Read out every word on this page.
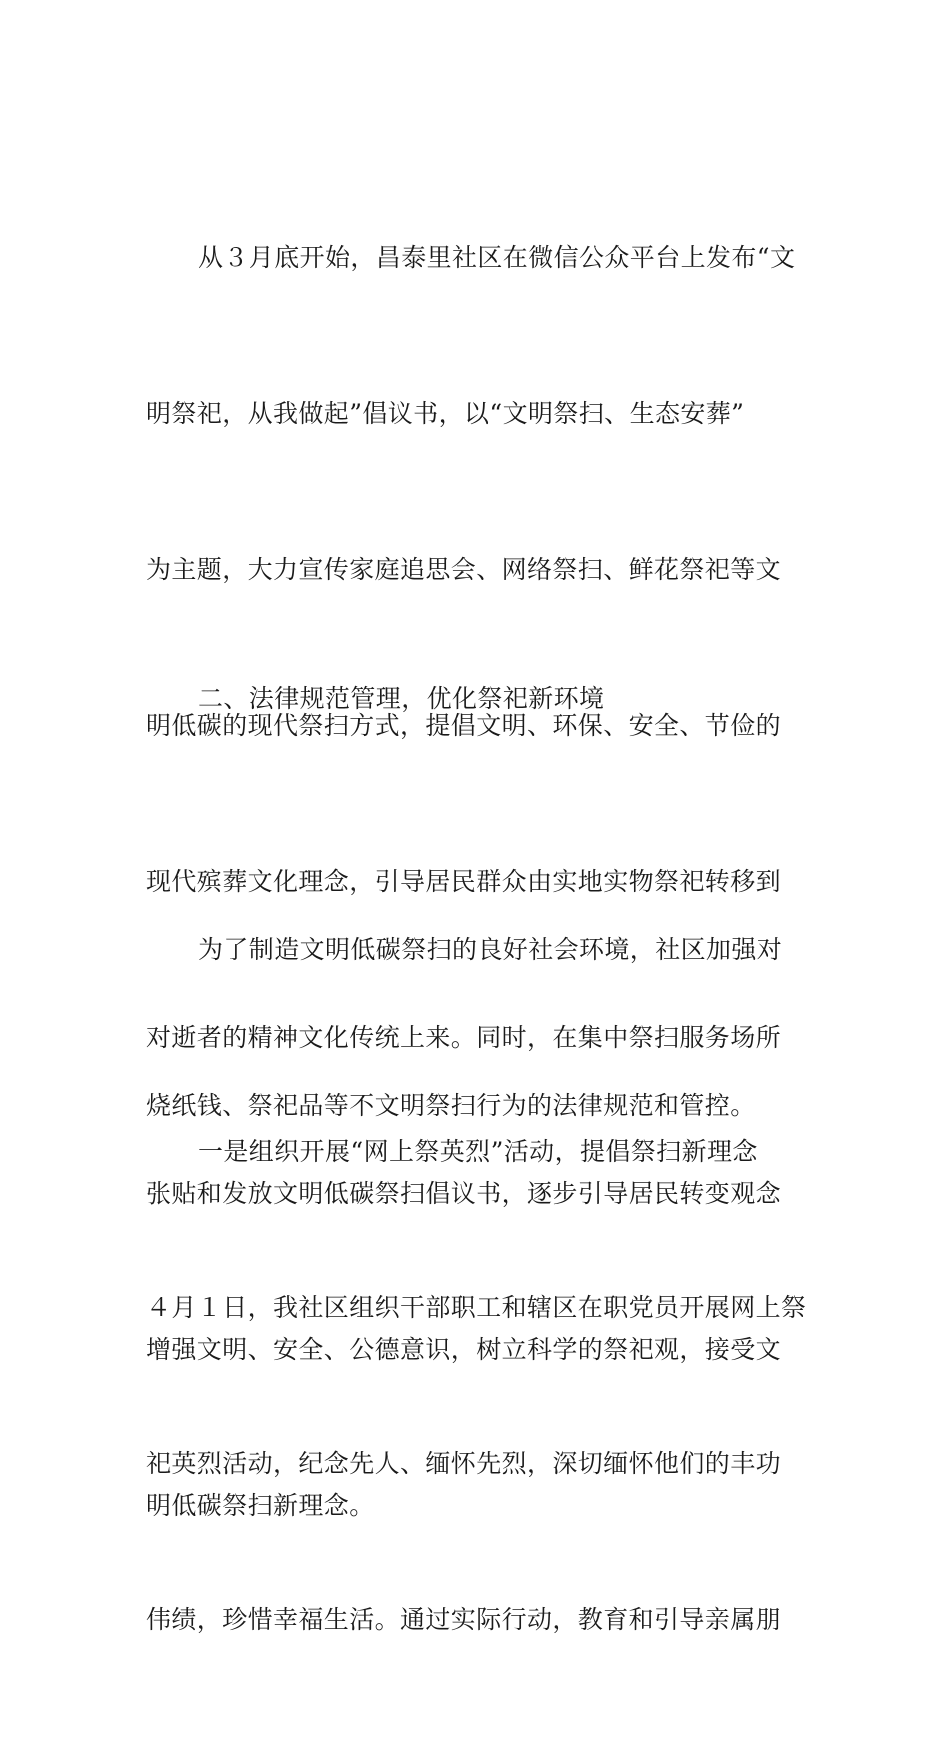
从３月底开始，昌泰里社区在微信公众平台上发布“文

明祭祀，从我做起”倡议书，以“文明祭扫、生态安葬”

为主题，大力宣传家庭追思会、网络祭扫、鲜花祭祀等文

明低碳的现代祭扫方式，提倡文明、环保、安全、节俭的

现代殡葬文化理念，引导居民群众由实地实物祭祀转移到

对逝者的精神文化传统上来。同时，在集中祭扫服务场所

张贴和发放文明低碳祭扫倡议书，逐步引导居民转变观念

增强文明、安全、公德意识，树立科学的祭祀观，接受文

明低碳祭扫新理念。

二、法律规范管理，优化祭祀新环境

为了制造文明低碳祭扫的良好社会环境，社区加强对

烧纸钱、祭祀品等不文明祭扫行为的法律规范和管控。

一是组织开展“网上祭英烈”活动，提倡祭扫新理念

４月１日，我社区组织干部职工和辖区在职党员开展网上祭

祀英烈活动，纪念先人、缅怀先烈，深切缅怀他们的丰功

伟绩，珍惜幸福生活。通过实际行动，教育和引导亲属朋
